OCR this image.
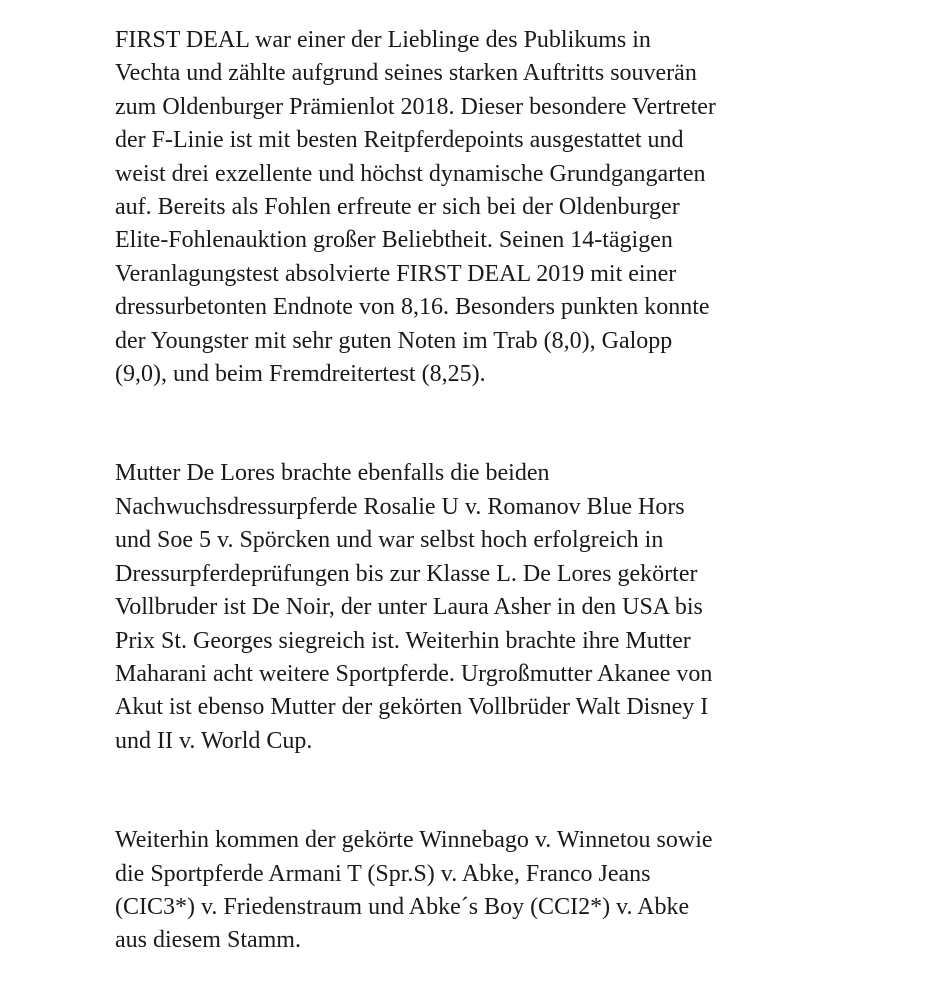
FIRST DEAL war einer der Lieblinge des Publikums in
Vechta und zählte aufgrund seines starken Auftritts souverän
zum Oldenburger Prämienlot 2018. Dieser besondere Vertreter
der F-Linie ist mit besten Reitpferdepoints ausgestattet und
weist drei exzellente und höchst dynamische Grundgangarten
auf. Bereits als Fohlen erfreute er sich bei der Oldenburger
Elite-Fohlenauktion großer Beliebtheit. Seinen 14-tägigen
Veranlagungstest absolvierte FIRST DEAL 2019 mit einer
dressurbetonten Endnote von 8,16. Besonders punkten konnte
der Youngster mit sehr guten Noten im Trab (8,0), Galopp
(9,0), und beim Fremdreitertest (8,25).
Mutter De Lores brachte ebenfalls die beiden
Nachwuchsdressurpferde Rosalie U v. Romanov Blue Hors
und Soe 5 v. Spörcken und war selbst hoch erfolgreich in
Dressurpferdeprüfungen bis zur Klasse L. De Lores gekörter
Vollbruder ist De Noir, der unter Laura Asher in den USA bis
Prix St. Georges siegreich ist. Weiterhin brachte ihre Mutter
Maharani acht weitere Sportpferde. Urgroßmutter Akanee von
Akut ist ebenso Mutter der gekörten Vollbrüder Walt Disney I
und II v. World Cup.
Weiterhin kommen der gekörte Winnebago v. Winnetou sowie
die Sportpferde Armani T (Spr.S) v. Abke, Franco Jeans
(CIC3*) v. Friedenstraum und Abke´s Boy (CCI2*) v. Abke
aus diesem Stamm.
